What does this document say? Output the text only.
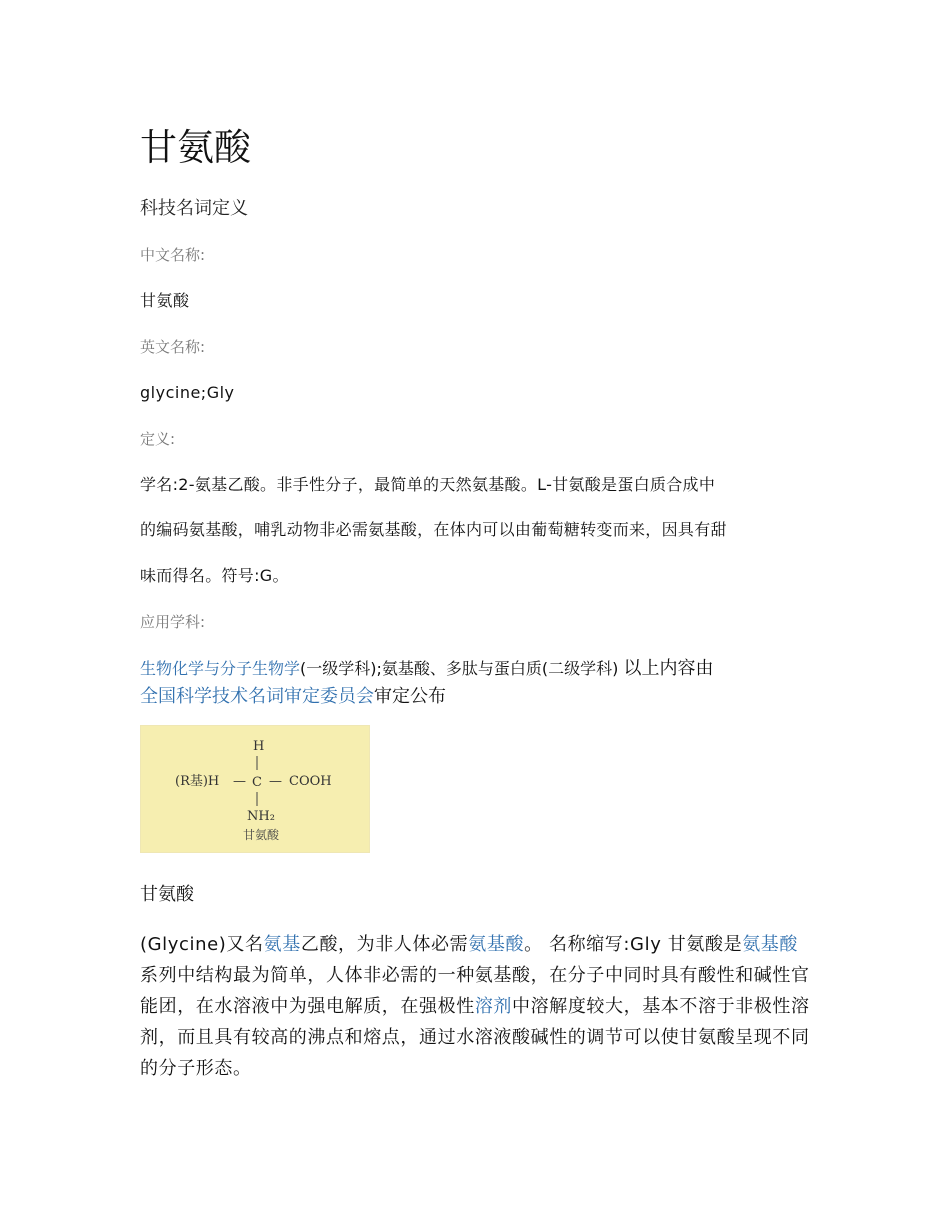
甘氨酸
科技名词定义
中文名称:
甘氨酸
英文名称:
glycine;Gly
定义:
学名:2-氨基乙酸。非手性分子，最简单的天然氨基酸。L-甘氨酸是蛋白质合成中
的编码氨基酸，哺乳动物非必需氨基酸，在体内可以由葡萄糖转变而来，因具有甜
味而得名。符号:G。
应用学科:
生物化学与分子生物学(一级学科);氨基酸、多肽与蛋白质(二级学科) 以上内容由
全国科学技术名词审定委员会审定公布
H
(R基)H — C — COOH
NH₂
甘氨酸
甘氨酸
(Glycine)又名氨基乙酸，为非人体必需氨基酸。 名称缩写:Gly 甘氨酸是氨基酸系列中结构最为简单，人体非必需的一种氨基酸，在分子中同时具有酸性和碱性官能团，在水溶液中为强电解质，在强极性溶剂中溶解度较大，基本不溶于非极性溶剂，而且具有较高的沸点和熔点，通过水溶液酸碱性的调节可以使甘氨酸呈现不同的分子形态。
